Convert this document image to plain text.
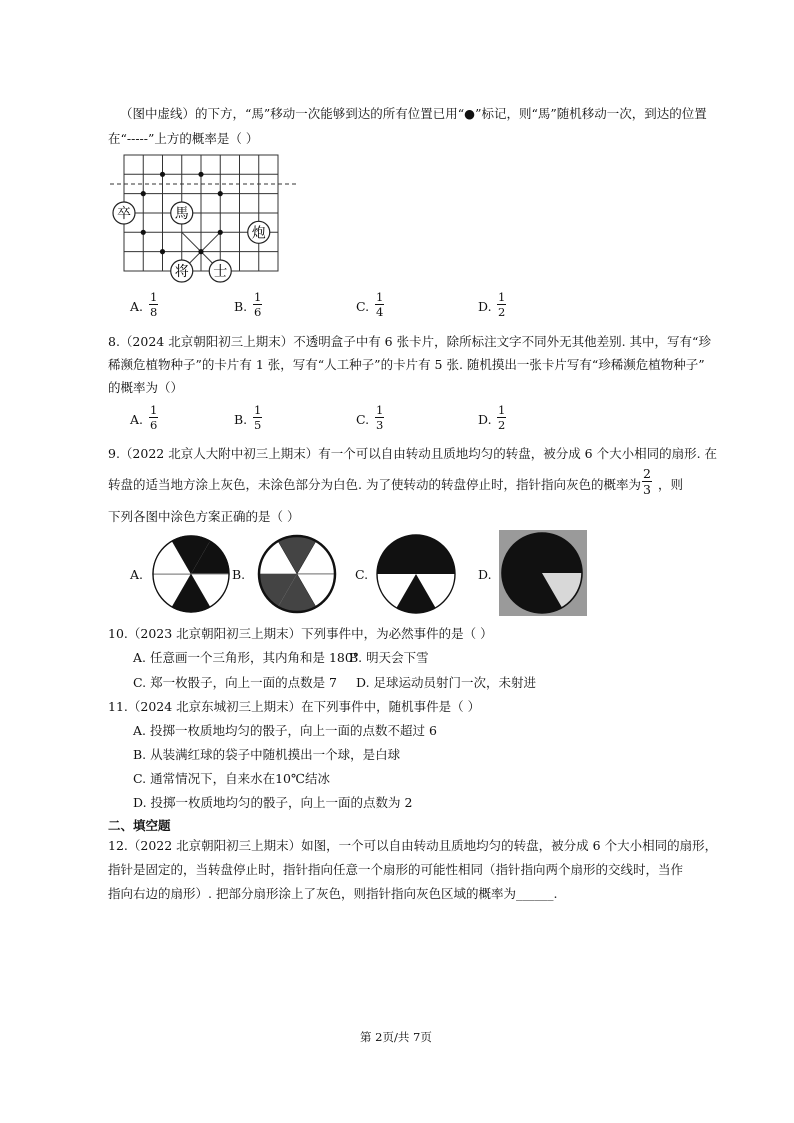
（图中虚线）的下方，“馬”移动一次能够到达的所有位置已用“●”标记，则“馬”随机移动一次，到达的位置
在“-----”上方的概率是（ ）
卒	馬
炮
将 士
A. $\frac{1}{8}$	B. $\frac{1}{6}$	C. $\frac{1}{4}$	D. $\frac{1}{2}$
8.（2024 北京朝阳初三上期末）不透明盒子中有 6 张卡片，除所标注文字不同外无其他差别. 其中，写有“珍
稀濒危植物种子”的卡片有 1 张，写有“人工种子”的卡片有 5 张. 随机摸出一张卡片写有“珍稀濒危植物种子”
的概率为（）
A. $\frac{1}{6}$	B. $\frac{1}{5}$	C. $\frac{1}{3}$	D. $\frac{1}{2}$
9.（2022 北京人大附中初三上期末）有一个可以自由转动且质地均匀的转盘，被分成 6 个大小相同的扇形. 在
转盘的适当地方涂上灰色，未涂色部分为白色. 为了使转动的转盘停止时，指针指向灰色的概率为 $\frac{2}{3}$ ，则
下列各图中涂色方案正确的是（ ）
A.	B.	C.	D.
10.（2023 北京朝阳初三上期末）下列事件中，为必然事件的是（ ）
A. 任意画一个三角形，其内角和是 180°
B. 明天会下雪
C. 郑一枚骰子，向上一面的点数是 7 D. 足球运动员射门一次，未射进
11.（2024 北京东城初三上期末）在下列事件中，随机事件是（ ）
A. 投掷一枚质地均匀的骰子，向上一面的点数不超过 6
B. 从装满红球的袋子中随机摸出一个球，是白球
C. 通常情况下，自来水在10℃结冰
D. 投掷一枚质地均匀的骰子，向上一面的点数为 2
二、填空题
12.（2022 北京朝阳初三上期末）如图，一个可以自由转动且质地均匀的转盘，被分成 6 个大小相同的扇形，
指针是固定的，当转盘停止时，指针指向任意一个扇形的可能性相同（指针指向两个扇形的交线时，当作
指向右边的扇形）. 把部分扇形涂上了灰色，则指针指向灰色区域的概率为______.
第 2页/共 7页
